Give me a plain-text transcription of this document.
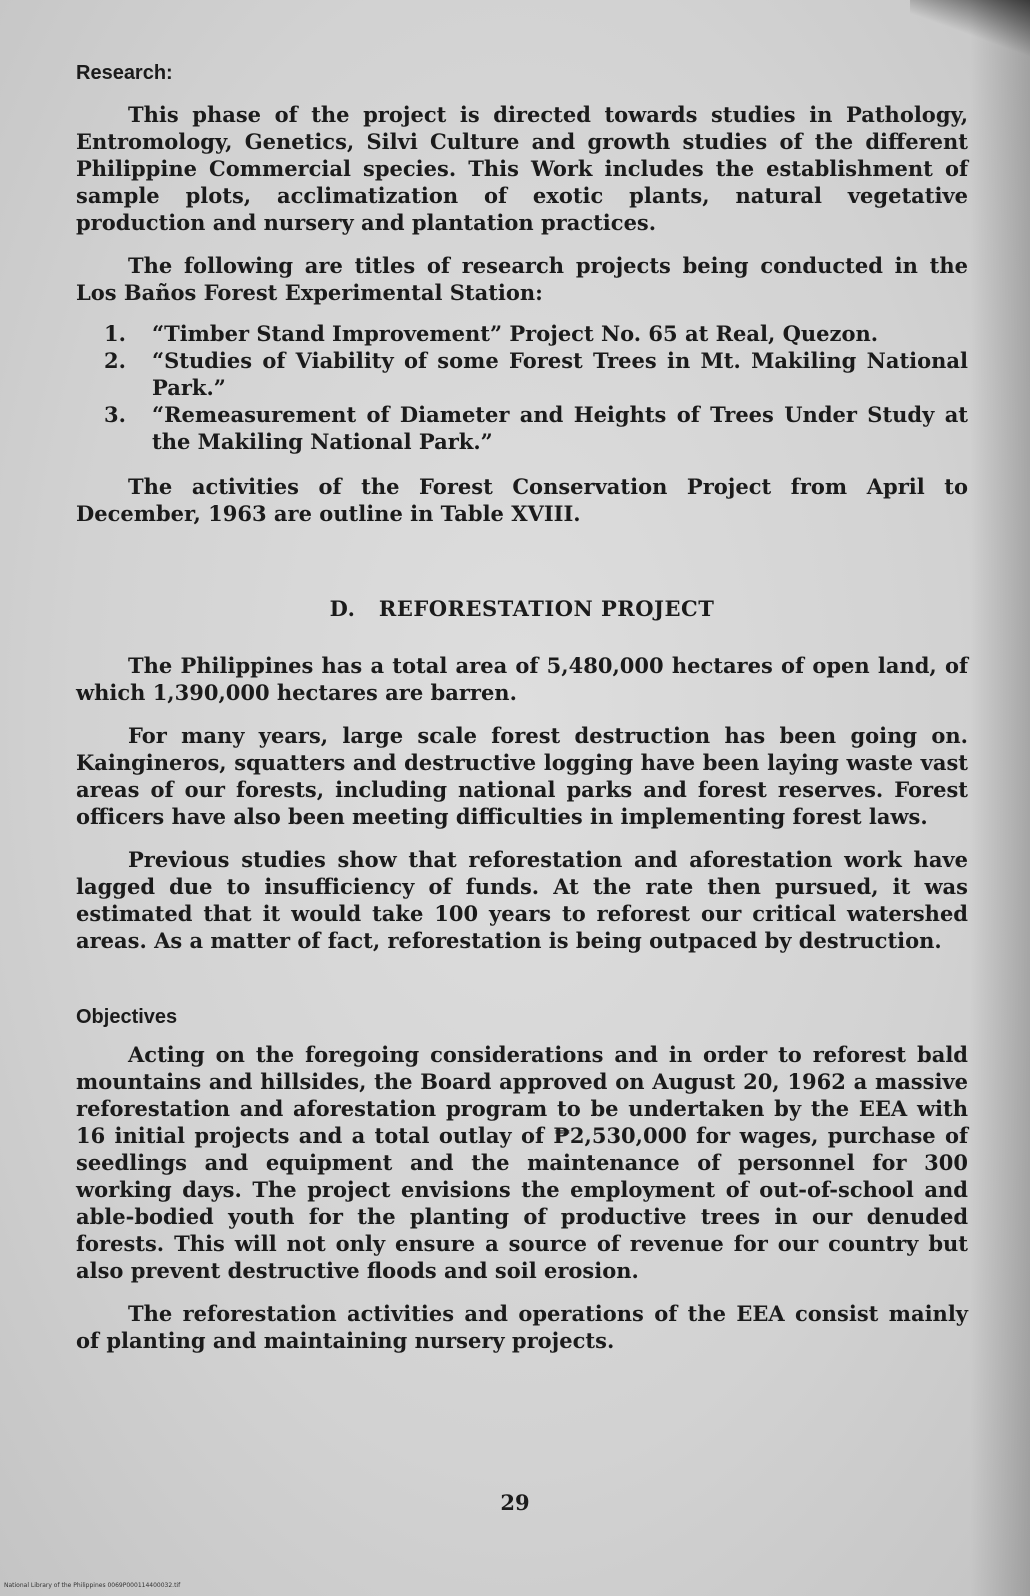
Research:

This phase of the project is directed towards studies in Pathology, Entromology, Genetics, Silvi Culture and growth studies of the different Philippine Commercial species. This Work includes the establishment of sample plots, acclimatization of exotic plants, natural vegetative production and nursery and plantation practices.

The following are titles of research projects being conducted in the Los Baños Forest Experimental Station:

1.	“Timber Stand Improvement” Project No. 65 at Real, Quezon.
2.	“Studies of Viability of some Forest Trees in Mt. Makiling National Park.”
3.	“Remeasurement of Diameter and Heights of Trees Under Study at the Makiling National Park.”

The activities of the Forest Conservation Project from April to December, 1963 are outline in Table XVIII.

D.   REFORESTATION PROJECT

The Philippines has a total area of 5,480,000 hectares of open land, of which 1,390,000 hectares are barren.

For many years, large scale forest destruction has been going on. Kaingineros, squatters and destructive logging have been laying waste vast areas of our forests, including national parks and forest reserves. Forest officers have also been meeting difficulties in implementing forest laws.

Previous studies show that reforestation and aforestation work have lagged due to insufficiency of funds. At the rate then pursued, it was estimated that it would take 100 years to reforest our critical watershed areas. As a matter of fact, reforestation is being outpaced by destruction.

Objectives

Acting on the foregoing considerations and in order to reforest bald mountains and hillsides, the Board approved on August 20, 1962 a massive reforestation and aforestation program to be undertaken by the EEA with 16 initial projects and a total outlay of ₱2,530,000 for wages, purchase of seedlings and equipment and the maintenance of personnel for 300 working days. The project envisions the employment of out-of-school and able-bodied youth for the planting of productive trees in our denuded forests. This will not only ensure a source of revenue for our country but also prevent destructive floods and soil erosion.

The reforestation activities and operations of the EEA consist mainly of planting and maintaining nursery projects.

29
National Library of the Philippines 0069P000114400032.tif
